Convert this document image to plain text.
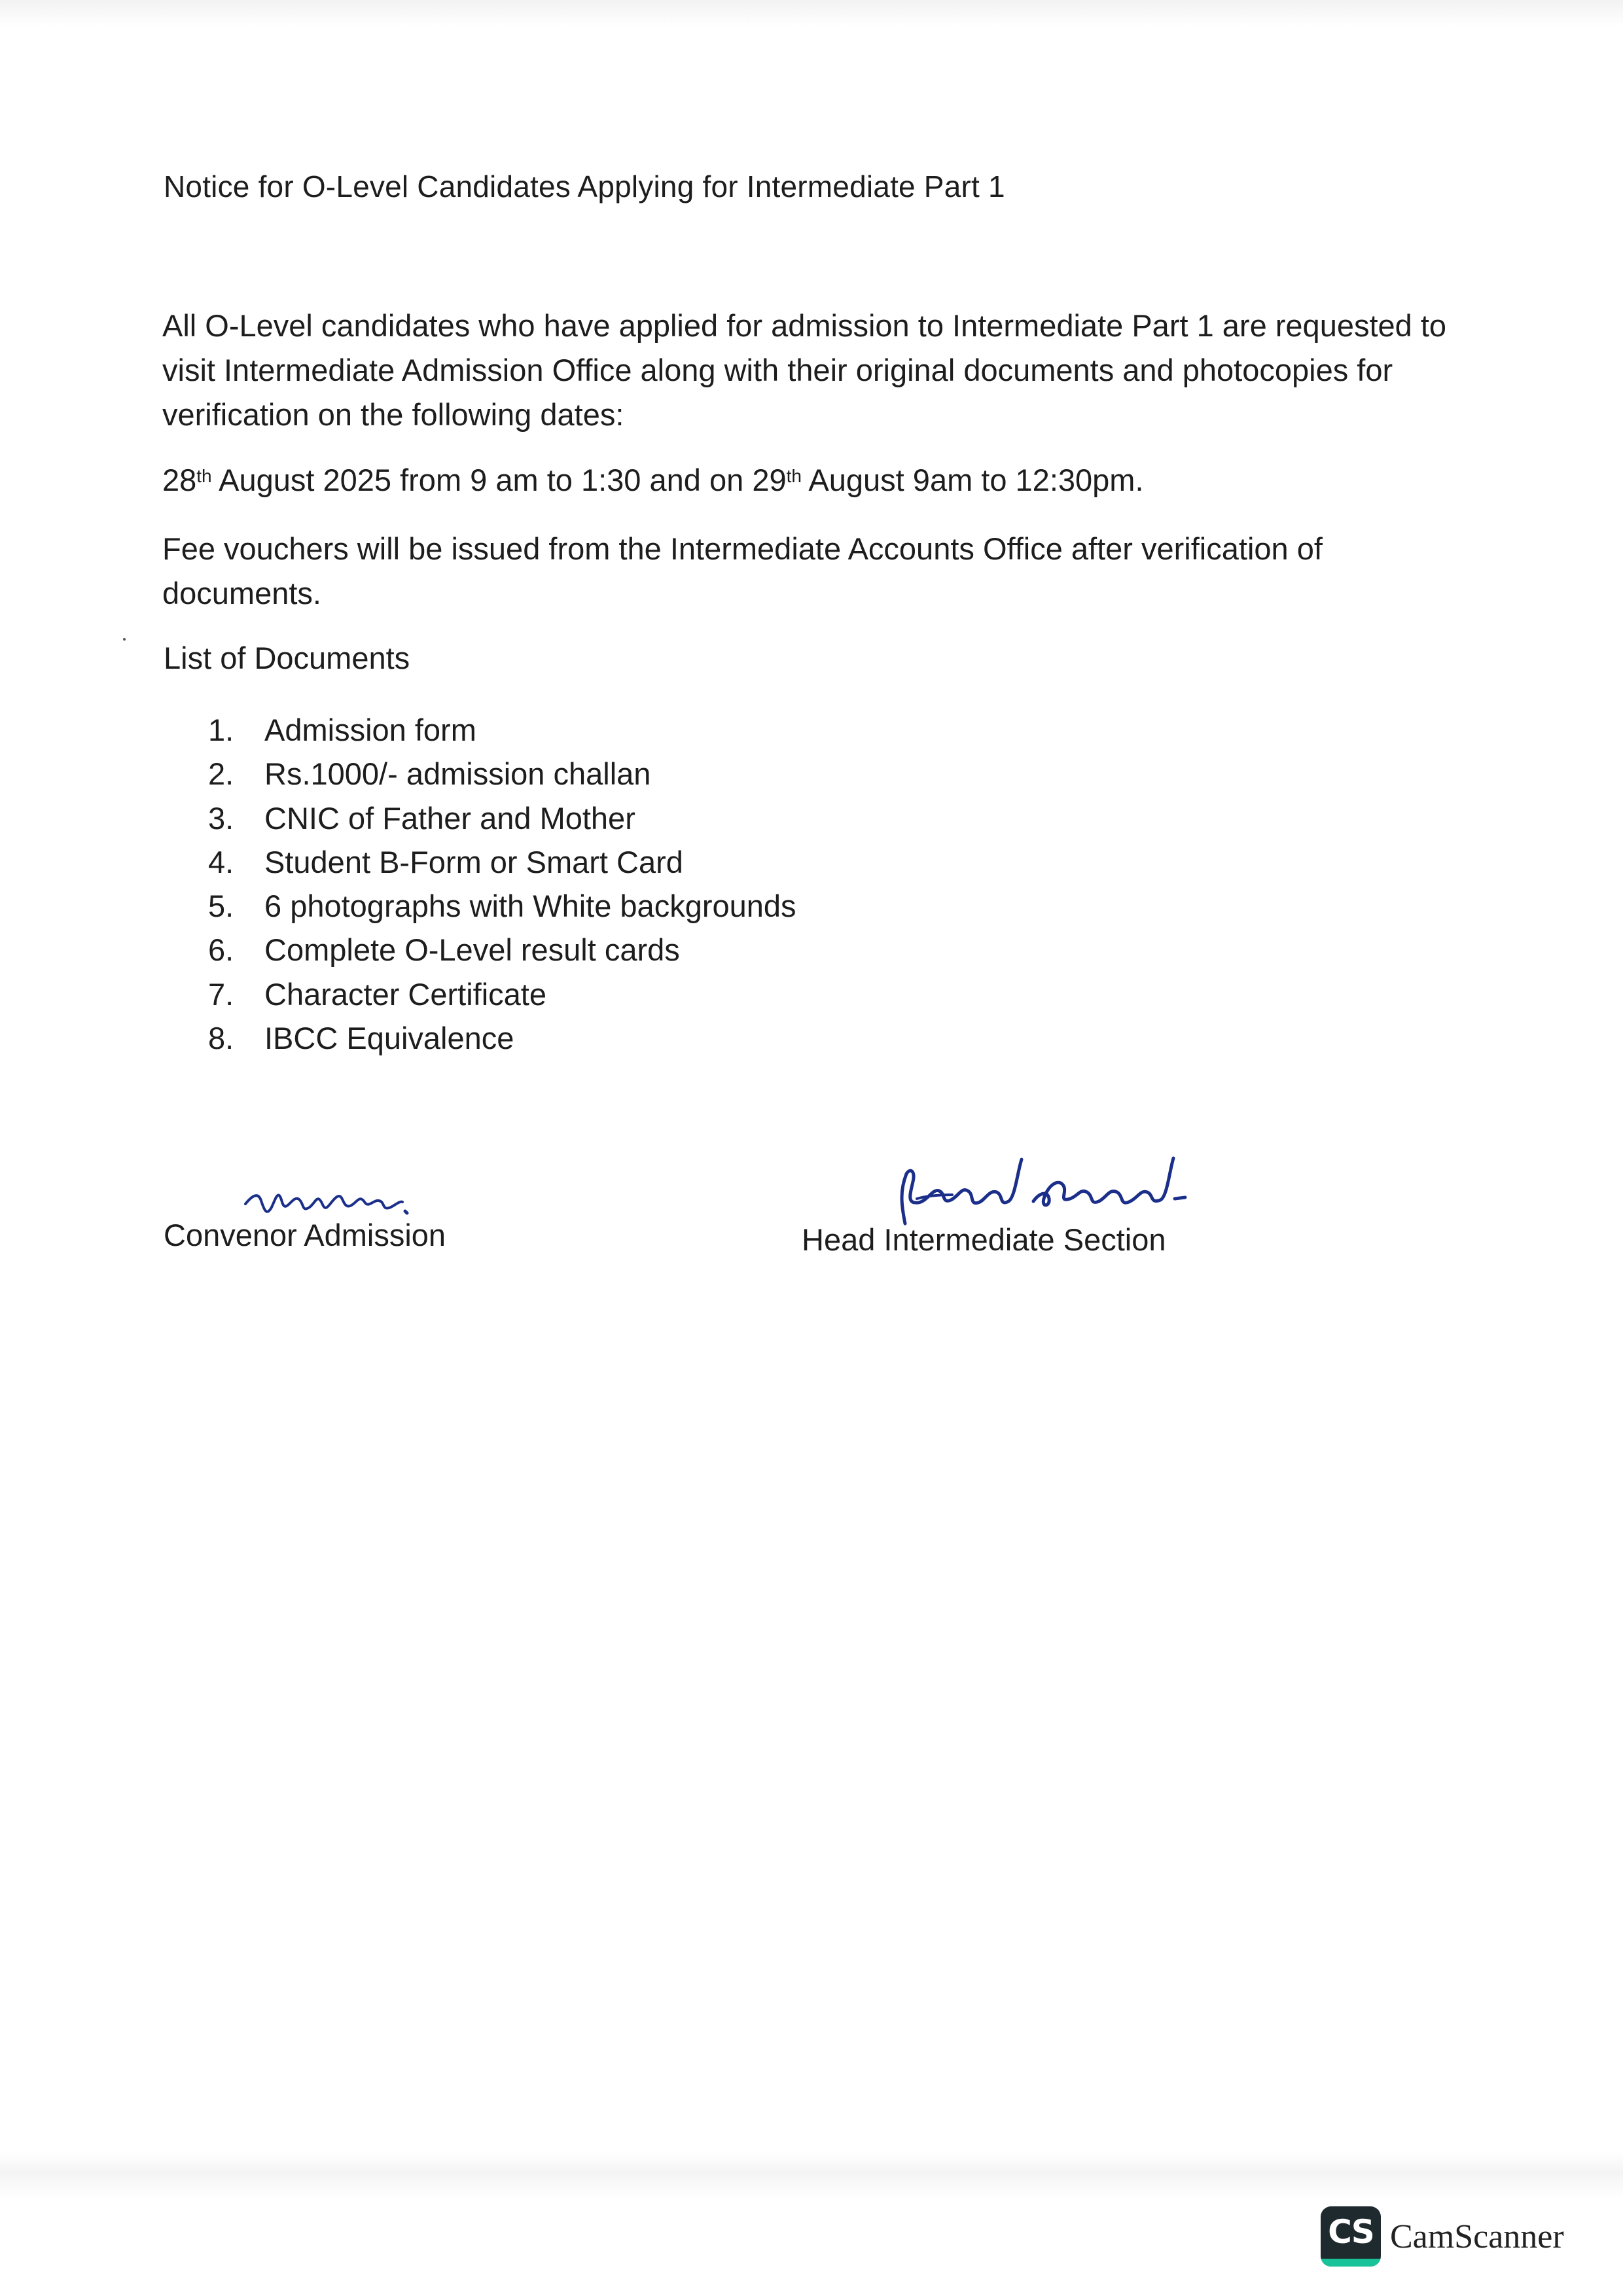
Notice for O-Level Candidates Applying for Intermediate Part 1

All O-Level candidates who have applied for admission to Intermediate Part 1 are requested to visit Intermediate Admission Office along with their original documents and photocopies for verification on the following dates:

28th August 2025 from 9 am to 1:30 and on 29th August 9am to 12:30pm.

Fee vouchers will be issued from the Intermediate Accounts Office after verification of documents.

List of Documents
1. Admission form
2. Rs.1000/- admission challan
3. CNIC of Father and Mother
4. Student B-Form or Smart Card
5. 6 photographs with White backgrounds
6. Complete O-Level result cards
7. Character Certificate
8. IBCC Equivalence
Convenor Admission	Head Intermediate Section
CS CamScanner
